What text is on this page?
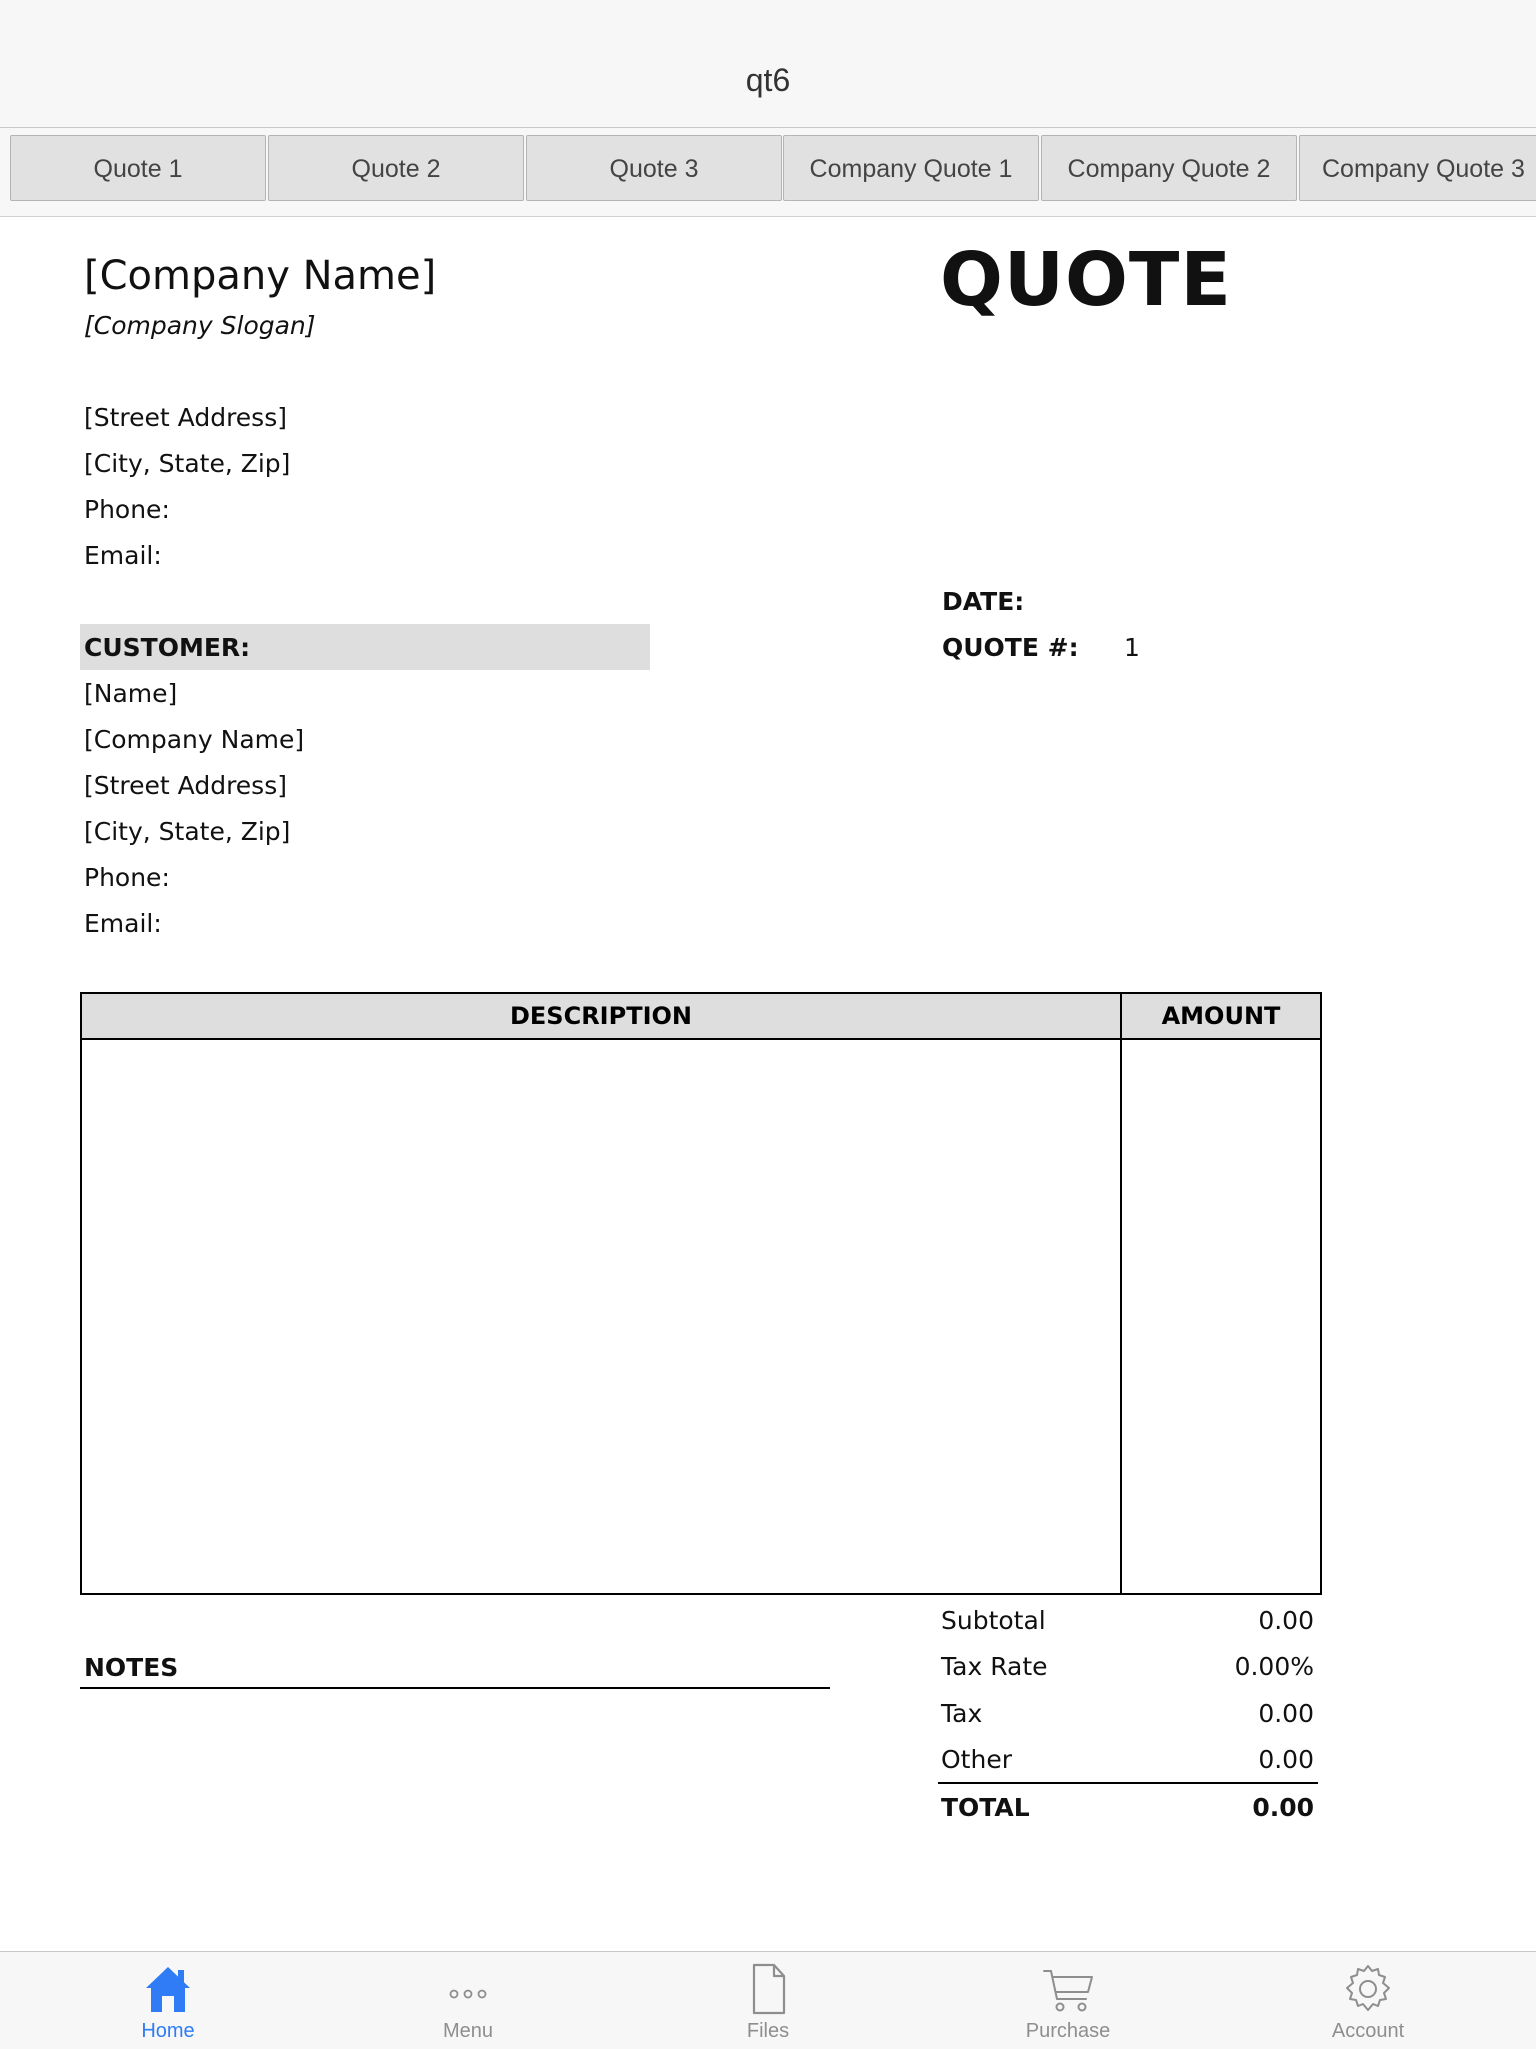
qt6
Quote 1	Quote 2	Quote 3	Company Quote 1	Company Quote 2	Company Quote 3
[Company Name]
[Company Slogan]
[Street Address]
[City, State, Zip]
Phone:
Email:
QUOTE
DATE:
QUOTE #: 1
CUSTOMER:
[Name]
[Company Name]
[Street Address]
[City, State, Zip]
Phone:
Email:
DESCRIPTION	AMOUNT

NOTES
Subtotal	0.00
Tax Rate	0.00%
Tax	0.00
Other	0.00
TOTAL	0.00
Home	Menu	Files	Purchase	Account
